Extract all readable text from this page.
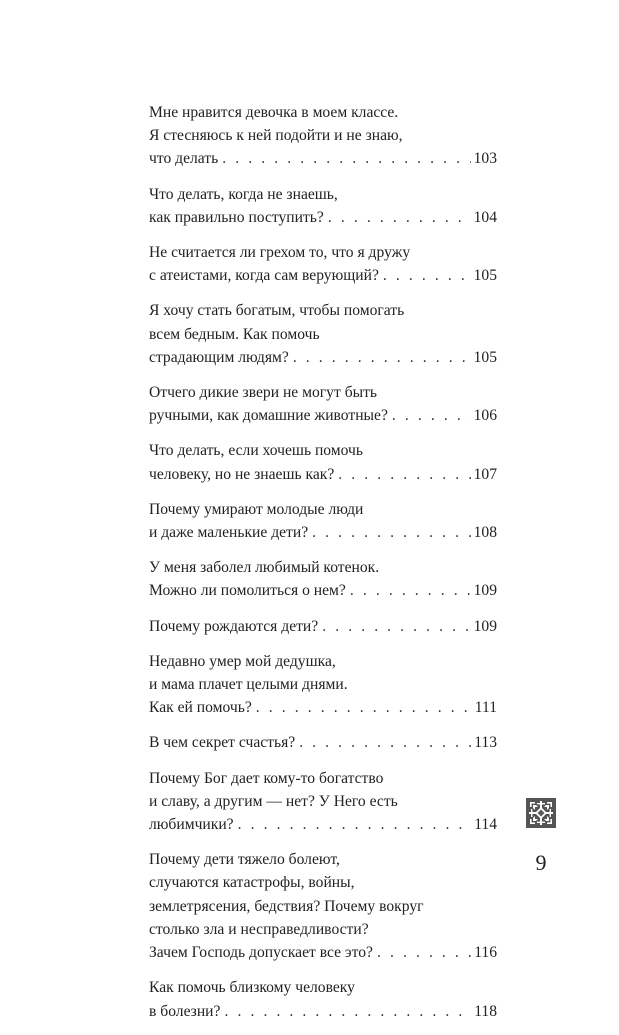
Мне нравится девочка в моем классе.
Я стесняюсь к ней подойти и не знаю,
что делать . . .	103
Что делать, когда не знаешь,
как правильно поступить? . . .	104
Не считается ли грехом то, что я дружу
с атеистами, когда сам верующий? . . .	105
Я хочу стать богатым, чтобы помогать
всем бедным. Как помочь
страдающим людям? . . .	105
Отчего дикие звери не могут быть
ручными, как домашние животные? . . .	106
Что делать, если хочешь помочь
человеку, но не знаешь как? . . .	107
Почему умирают молодые люди
и даже маленькие дети? . . .	108
У меня заболел любимый котенок.
Можно ли помолиться о нем? . . .	109
Почему рождаются дети? . . .	109
Недавно умер мой дедушка,
и мама плачет целыми днями.
Как ей помочь? . . .	111
В чем секрет счастья? . . .	113
Почему Бог дает кому-то богатство
и славу, а другим — нет? У Него есть
любимчики? . . .	114
Почему дети тяжело болеют,
случаются катастрофы, войны,
землетрясения, бедствия? Почему вокруг
столько зла и несправедливости?
Зачем Господь допускает все это? . . .	116
Как помочь близкому человеку
в болезни? . . .	118
9
